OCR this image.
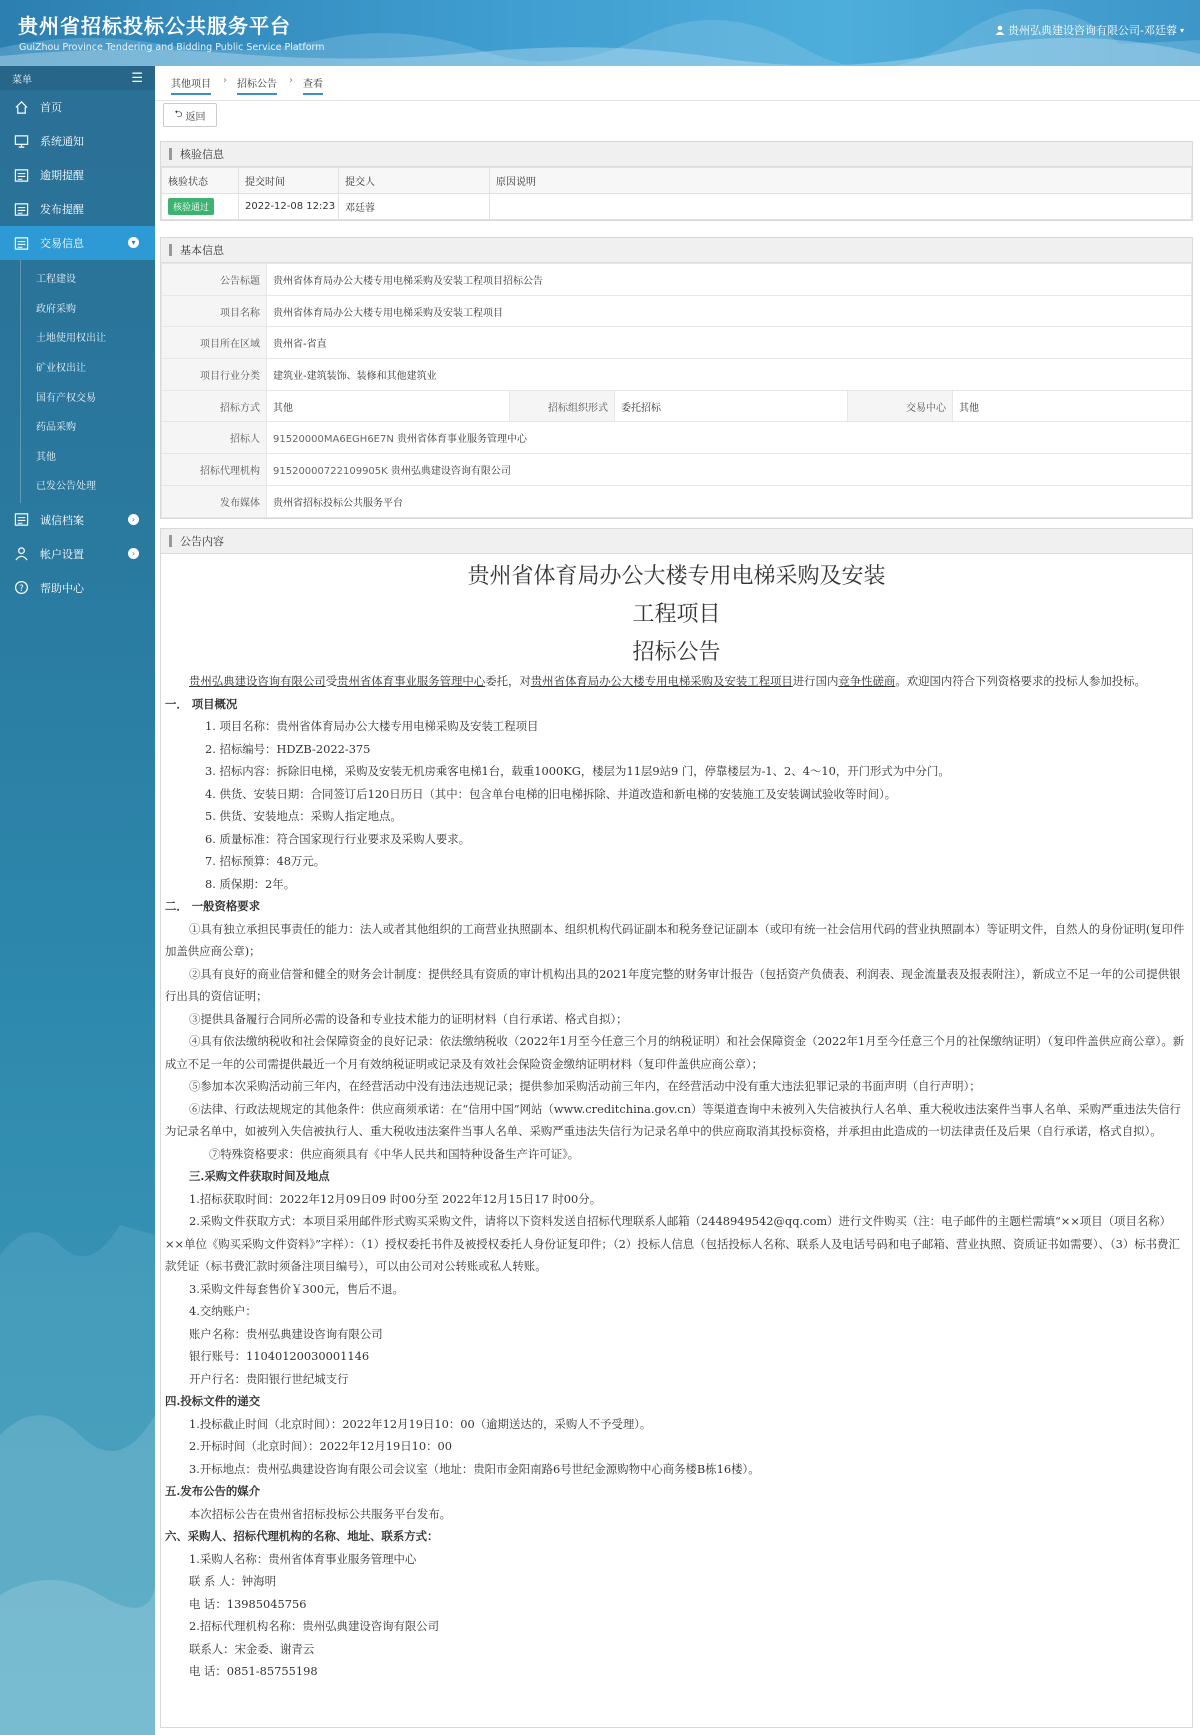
贵州省招标投标公共服务平台
GuiZhou Province Tendering and Bidding Public Service Platform
贵州弘典建设咨询有限公司-邓廷蓉 ▾
菜单	☰
首页
系统通知
逾期提醒
发布提醒
交易信息	▾
工程建设
政府采购
土地使用权出让
矿业权出让
国有产权交易
药品采购
其他
已发公告处理
诚信档案	›
帐户设置	›
? 帮助中心
其他项目 › 招标公告 › 查看
⮌ 返回
核验信息
核验状态	提交时间	提交人	原因说明
核验通过	2022-12-08 12:23	邓廷蓉	
基本信息
公告标题	贵州省体育局办公大楼专用电梯采购及安装工程项目招标公告				
项目名称	贵州省体育局办公大楼专用电梯采购及安装工程项目				
项目所在区域	贵州省-省直				
项目行业分类	建筑业-建筑装饰、装修和其他建筑业				
招标方式	其他	招标组织形式	委托招标	交易中心	其他
招标人	91520000MA6EGH6E7N 贵州省体育事业服务管理中心				
招标代理机构	91520000722109905K 贵州弘典建设咨询有限公司				
发布媒体	贵州省招标投标公共服务平台				
公告内容
贵州省体育局办公大楼专用电梯采购及安装
工程项目
招标公告

贵州弘典建设咨询有限公司受贵州省体育事业服务管理中心委托，对贵州省体育局办公大楼专用电梯采购及安装工程项目进行国内竞争性磋商。欢迎国内符合下列资格要求的投标人参加投标。

一． 项目概况

1. 项目名称：贵州省体育局办公大楼专用电梯采购及安装工程项目

2. 招标编号：HDZB-2022-375

3. 招标内容：拆除旧电梯，采购及安装无机房乘客电梯1台，载重1000KG，楼层为11层9站9 门，停靠楼层为-1、2、4～10，开门形式为中分门。

4. 供货、安装日期：合同签订后120日历日（其中：包含单台电梯的旧电梯拆除、井道改造和新电梯的安装施工及安装调试验收等时间）。

5. 供货、安装地点：采购人指定地点。

6. 质量标准：符合国家现行行业要求及采购人要求。

7. 招标预算：48万元。

8. 质保期：2年。

二． 一般资格要求

①具有独立承担民事责任的能力：法人或者其他组织的工商营业执照副本、组织机构代码证副本和税务登记证副本（或印有统一社会信用代码的营业执照副本）等证明文件，自然人的身份证明(复印件加盖供应商公章)；

②具有良好的商业信誉和健全的财务会计制度：提供经具有资质的审计机构出具的2021年度完整的财务审计报告（包括资产负债表、利润表、现金流量表及报表附注），新成立不足一年的公司提供银行出具的资信证明；

③提供具备履行合同所必需的设备和专业技术能力的证明材料（自行承诺、格式自拟）；

④具有依法缴纳税收和社会保障资金的良好记录：依法缴纳税收（2022年1月至今任意三个月的纳税证明）和社会保障资金（2022年1月至今任意三个月的社保缴纳证明）（复印件盖供应商公章）。新成立不足一年的公司需提供最近一个月有效纳税证明或记录及有效社会保险资金缴纳证明材料（复印件盖供应商公章）；

⑤参加本次采购活动前三年内，在经营活动中没有违法违规记录；提供参加采购活动前三年内，在经营活动中没有重大违法犯罪记录的书面声明（自行声明）；

⑥法律、行政法规规定的其他条件：供应商须承诺：在“信用中国”网站（www.creditchina.gov.cn）等渠道查询中未被列入失信被执行人名单、重大税收违法案件当事人名单、采购严重违法失信行为记录名单中，如被列入失信被执行人、重大税收违法案件当事人名单、采购严重违法失信行为记录名单中的供应商取消其投标资格，并承担由此造成的一切法律责任及后果（自行承诺，格式自拟）。

⑦特殊资格要求：供应商须具有《中华人民共和国特种设备生产许可证》。

三.采购文件获取时间及地点

1.招标获取时间：2022年12月09日09 时00分至 2022年12月15日17 时00分。

2.采购文件获取方式：本项目采用邮件形式购买采购文件，请将以下资料发送自招标代理联系人邮箱（2448949542@qq.com）进行文件购买（注：电子邮件的主题栏需填“××项目（项目名称）××单位《购买采购文件资料》”字样）：（1）授权委托书件及被授权委托人身份证复印件；（2）投标人信息（包括投标人名称、联系人及电话号码和电子邮箱、营业执照、资质证书如需要）、（3）标书费汇款凭证（标书费汇款时须备注项目编号），可以由公司对公转账或私人转账。

3.采购文件每套售价￥300元，售后不退。

4.交纳账户：

账户名称：贵州弘典建设咨询有限公司

银行账号：11040120030001146

开户行名：贵阳银行世纪城支行

四.投标文件的递交

1.投标截止时间（北京时间）：2022年12月19日10：00（逾期送达的，采购人不予受理）。

2.开标时间（北京时间）：2022年12月19日10：00

3.开标地点：贵州弘典建设咨询有限公司会议室（地址：贵阳市金阳南路6号世纪金源购物中心商务楼B栋16楼）。

五.发布公告的媒介

本次招标公告在贵州省招标投标公共服务平台发布。

六、采购人、招标代理机构的名称、地址、联系方式：

1.采购人名称：贵州省体育事业服务管理中心

联 系 人：钟海明

电 话：13985045756

2.招标代理机构名称：贵州弘典建设咨询有限公司

联系人：宋金委、谢青云

电 话：0851-85755198
